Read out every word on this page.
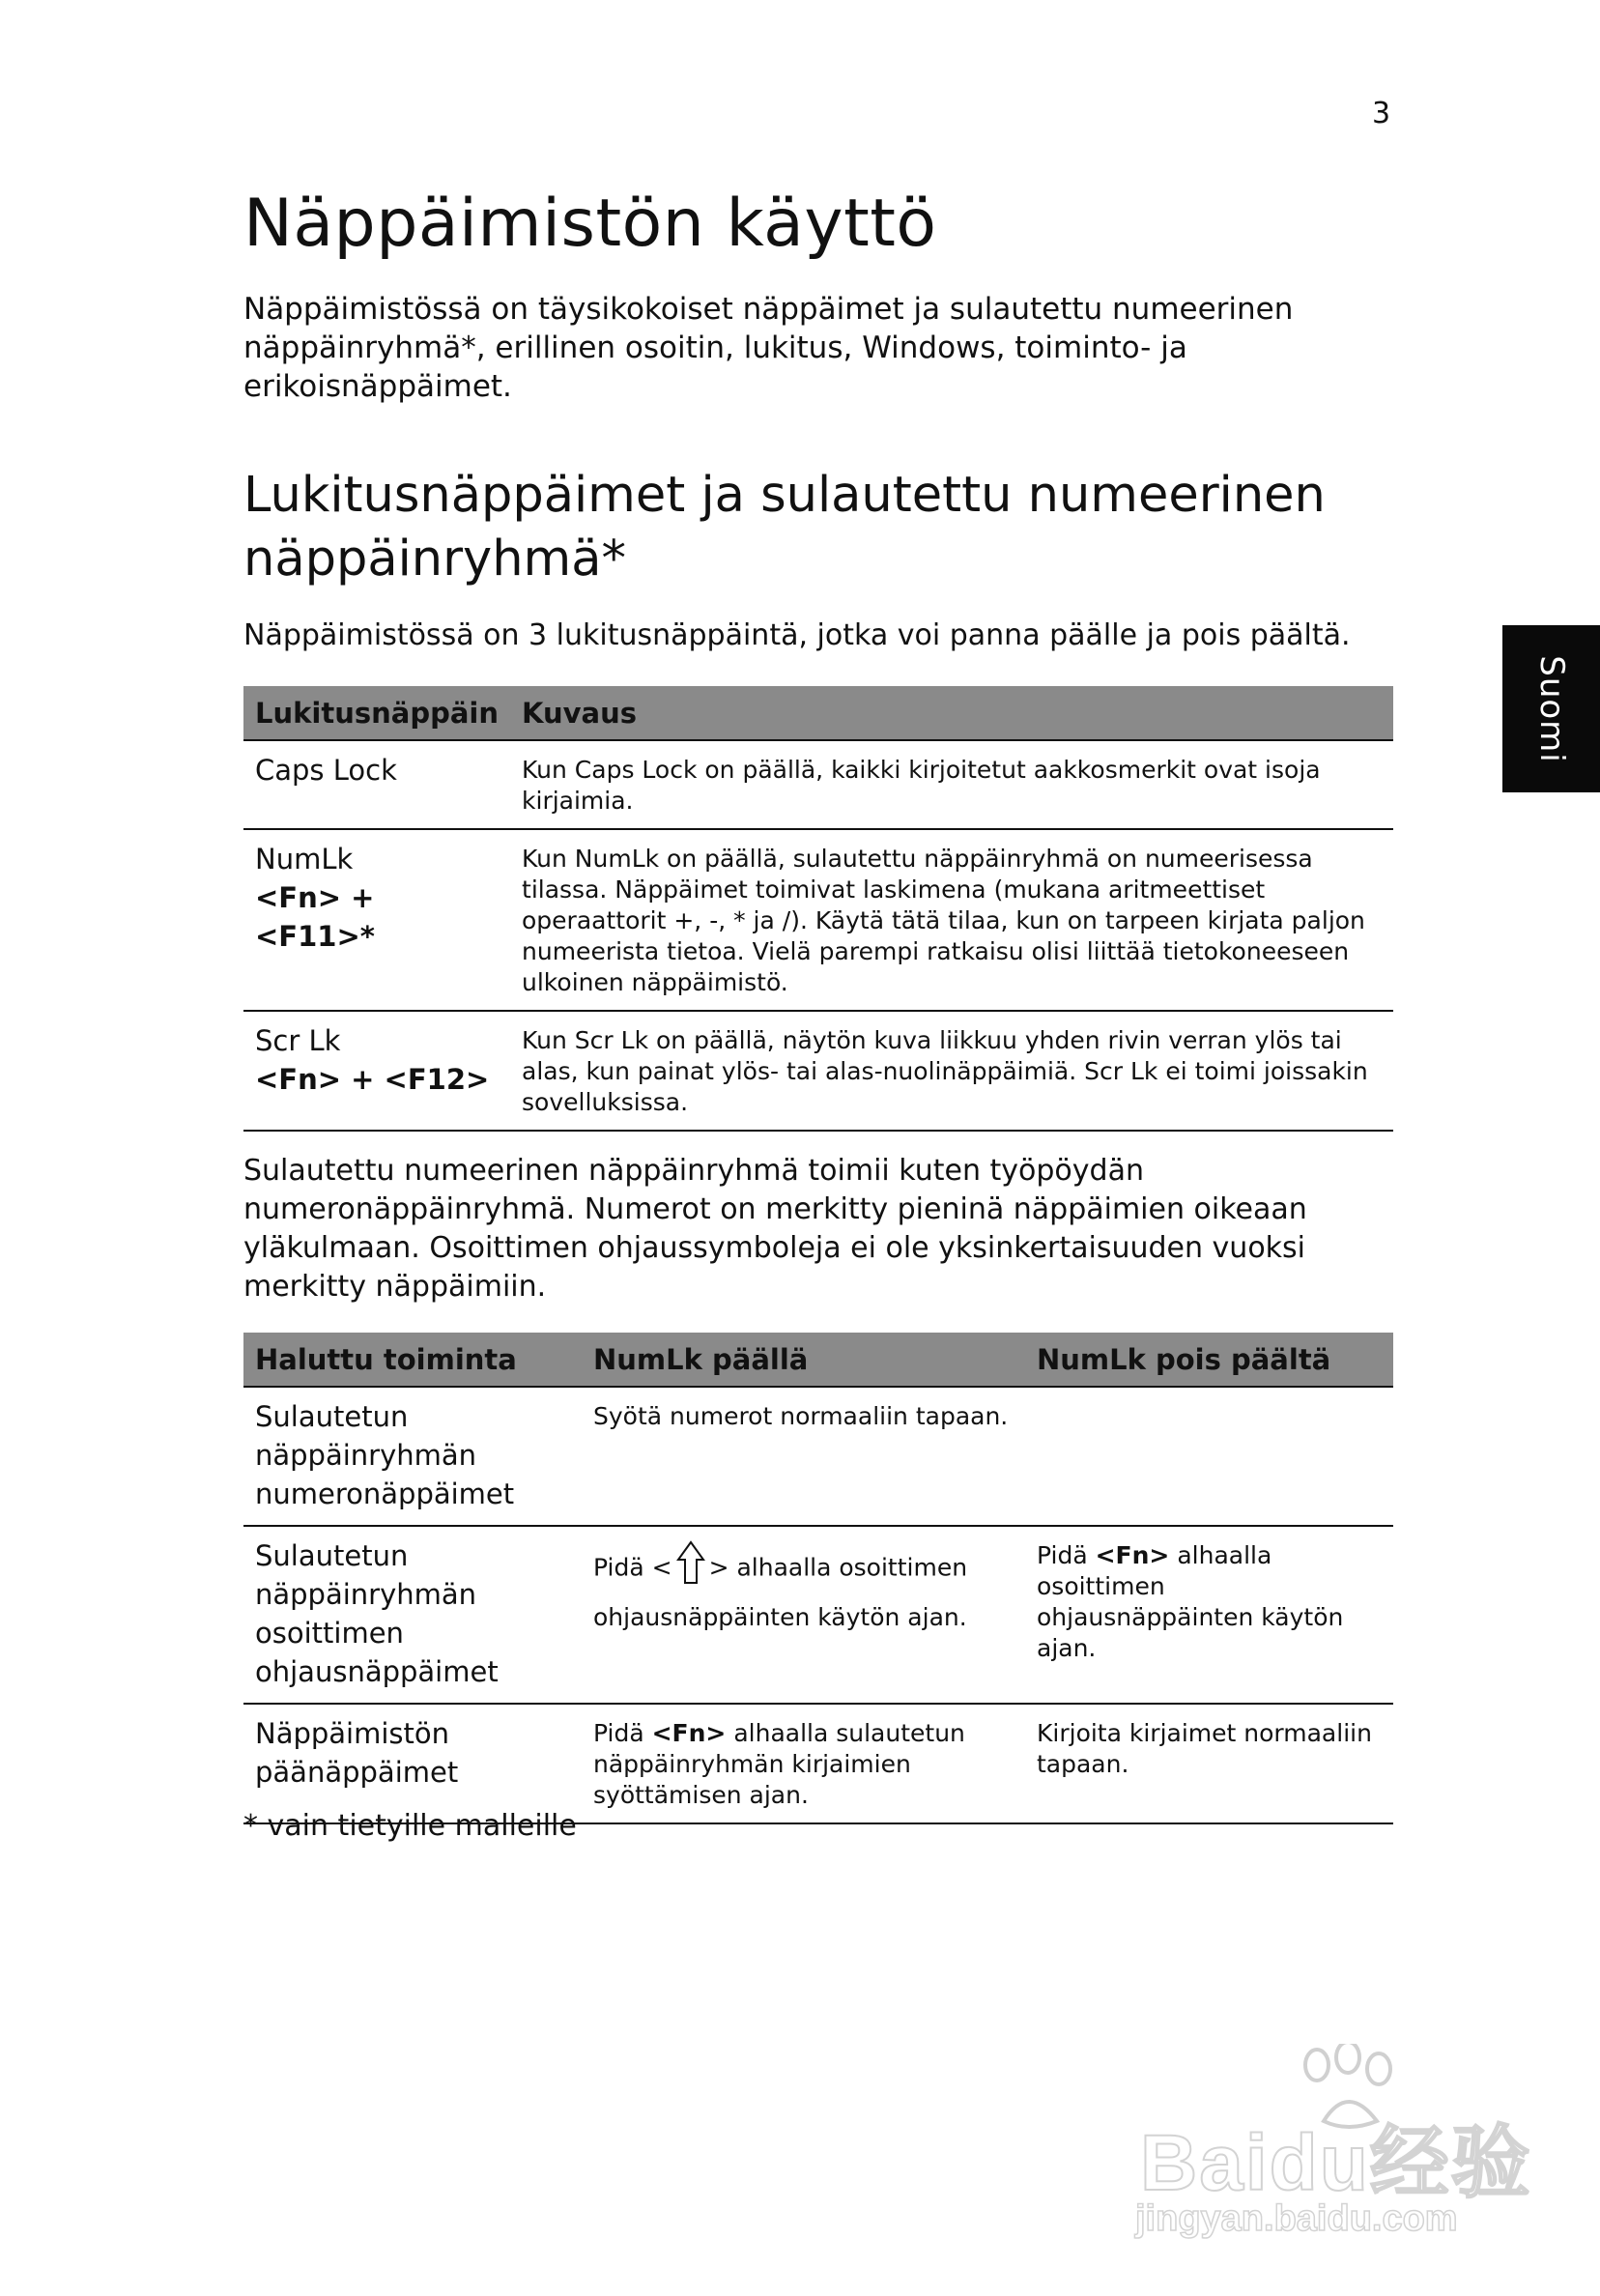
3
Suomi
Näppäimistön käyttö

Näppäimistössä on täysikokoiset näppäimet ja sulautettu numeerinen näppäinryhmä*, erillinen osoitin, lukitus, Windows, toiminto- ja erikoisnäppäimet.

Lukitusnäppäimet ja sulautettu numeerinen näppäinryhmä*

Näppäimistössä on 3 lukitusnäppäintä, jotka voi panna päälle ja pois päältä.

Lukitusnäppäin	Kuvaus

Caps Lock	Kun Caps Lock on päällä, kaikki kirjoitetut aakkosmerkit ovat isoja kirjaimia.

NumLk
<Fn> + <F11>*	Kun NumLk on päällä, sulautettu näppäinryhmä on numeerisessa tilassa. Näppäimet toimivat laskimena (mukana aritmeettiset operaattorit +, -, * ja /). Käytä tätä tilaa, kun on tarpeen kirjata paljon numeerista tietoa. Vielä parempi ratkaisu olisi liittää tietokoneeseen ulkoinen näppäimistö.

Scr Lk
<Fn> + <F12>	Kun Scr Lk on päällä, näytön kuva liikkuu yhden rivin verran ylös tai alas, kun painat ylös- tai alas-nuolinäppäimiä. Scr Lk ei toimi joissakin sovelluksissa.

Sulautettu numeerinen näppäinryhmä toimii kuten työpöydän numeronäppäinryhmä. Numerot on merkitty pieninä näppäimien oikeaan yläkulmaan. Osoittimen ohjaussymboleja ei ole yksinkertaisuuden vuoksi merkitty näppäimiin.

Haluttu toiminta	NumLk päällä	NumLk pois päältä
Sulautetun näppäinryhmän numeronäppäimet	Syötä numerot normaaliin tapaan.	
Sulautetun näppäinryhmän osoittimen ohjausnäppäimet	Pidä < > alhaalla osoittimen ohjausnäppäinten käytön ajan.	Pidä <Fn> alhaalla osoittimen ohjausnäppäinten käytön ajan.
Näppäimistön päänäppäimet	Pidä <Fn> alhaalla sulautetun näppäinryhmän kirjaimien syöttämisen ajan.	Kirjoita kirjaimet normaaliin tapaan.

* vain tietyille malleille

Baidu经验
jingyan.baidu.com
